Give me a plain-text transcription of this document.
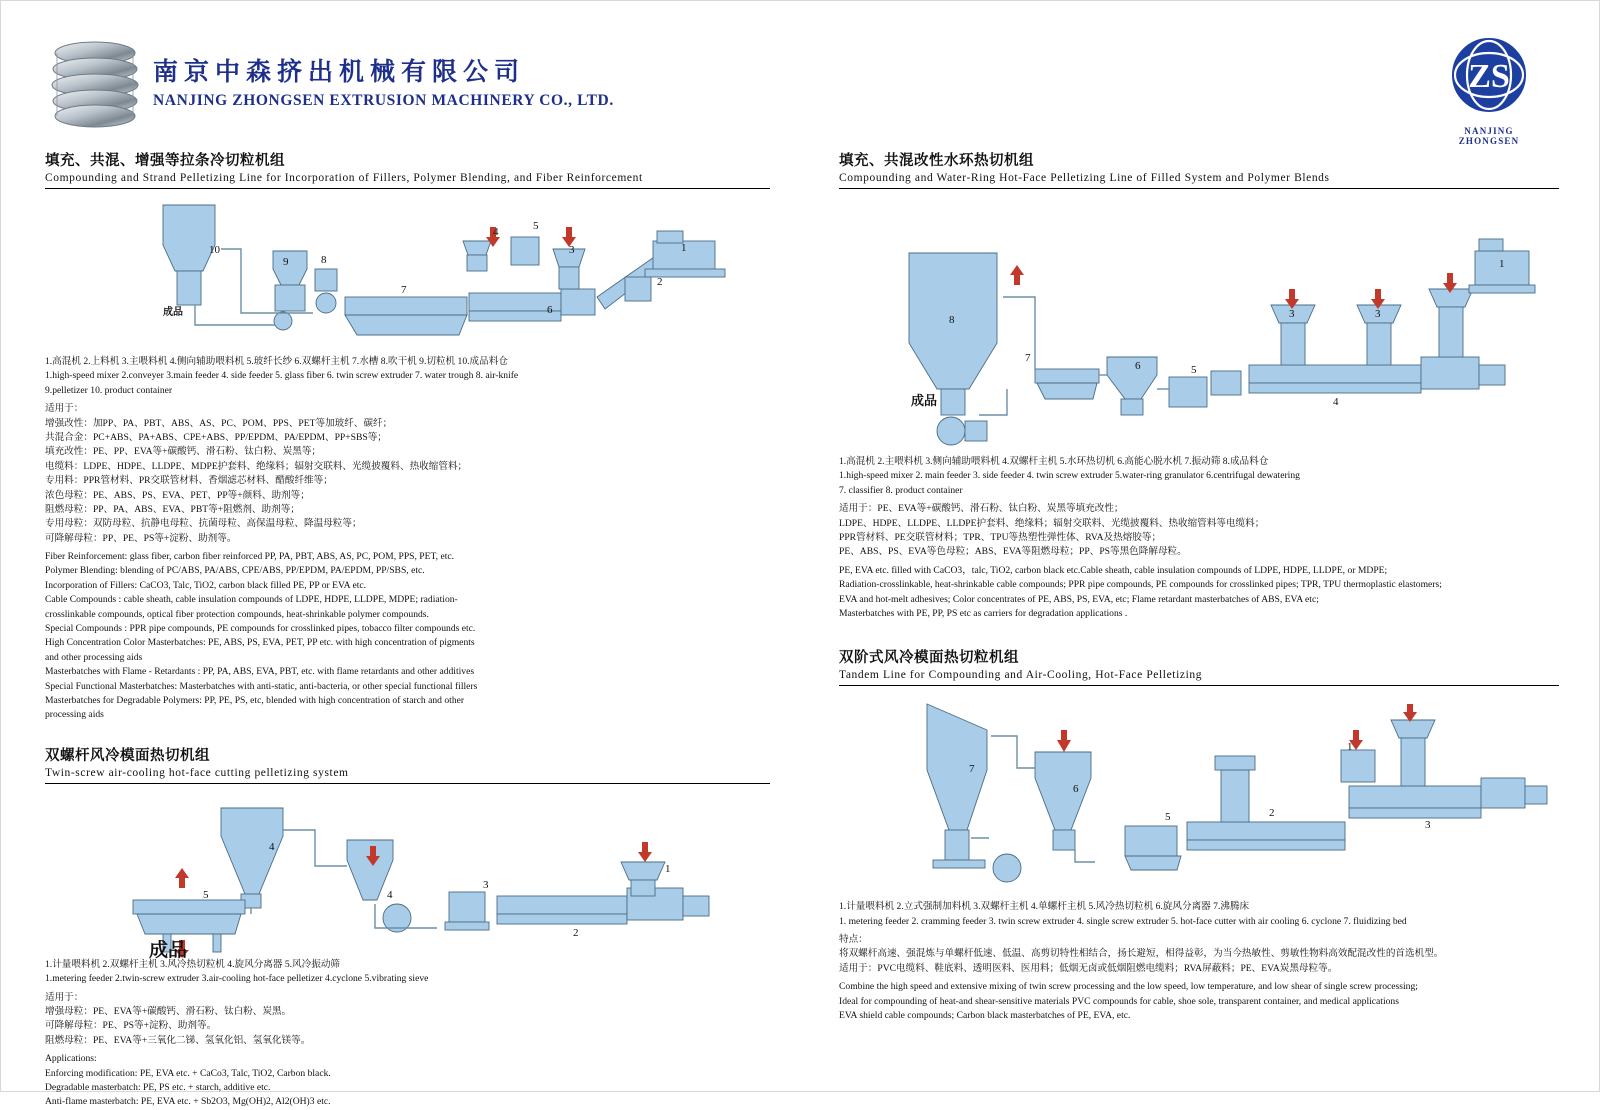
南京中森挤出机械有限公司
NANJING ZHONGSEN EXTRUSION MACHINERY CO., LTD.
ZS
NANJING ZHONGSEN
填充、共混、增强等拉条冷切粒机组
Compounding and Strand Pelletizing Line for Incorporation of Fillers, Polymer Blending, and Fiber Reinforcement
10
9	8
7
4	5
3
6
1
2
成品
1.高混机 2.上料机 3.主喂料机 4.侧向辅助喂料机 5.玻纤长纱 6.双螺杆主机 7.水槽 8.吹干机 9.切粒机 10.成品料仓
1.high-speed mixer 2.conveyer 3.main feeder 4. side feeder 5. glass fiber 6. twin screw extruder 7. water trough 8. air-knife
9.pelletizer 10. product container

适用于：

增强改性：加PP、PA、PBT、ABS、AS、PC、POM、PPS、PET等加玻纤、碳纤；

共混合金：PC+ABS、PA+ABS、CPE+ABS、PP/EPDM、PA/EPDM、PP+SBS等；

填充改性：PE、PP、EVA等+碳酸钙、滑石粉、钛白粉、炭黑等；

电缆料：LDPE、HDPE、LLDPE、MDPE护套料、绝缘料；辐射交联料、光缆披覆料、热收缩管料；

专用料：PPR管材料、PR交联管材料、香烟滤芯材料、醋酸纤维等；

浓色母粒：PE、ABS、PS、EVA、PET、PP等+颜料、助剂等；

阻燃母粒：PP、PA、ABS、EVA、PBT等+阻燃剂、助剂等；

专用母粒：双防母粒、抗静电母粒、抗菌母粒、高保温母粒、降温母粒等；

可降解母粒：PP、PE、PS等+淀粉、助剂等。

Fiber Reinforcement: glass fiber, carbon fiber reinforced PP, PA, PBT, ABS, AS, PC, POM, PPS, PET, etc.

Polymer Blending: blending of PC/ABS, PA/ABS, CPE/ABS, PP/EPDM, PA/EPDM, PP/SBS, etc.

Incorporation of Fillers: CaCO3, Talc, TiO2, carbon black filled PE, PP or EVA etc.

Cable Compounds : cable sheath, cable insulation compounds of LDPE, HDPE, LLDPE, MDPE; radiation-

crosslinkable compounds, optical fiber protection compounds, heat-shrinkable polymer compounds.

Special Compounds : PPR pipe compounds, PE compounds for crosslinked pipes, tobacco filter compounds etc.

High Concentration Color Masterbatches: PE, ABS, PS, EVA, PET, PP etc. with high concentration of pigments

and other processing aids

Masterbatches with Flame - Retardants : PP, PA, ABS, EVA, PBT, etc. with flame retardants and other additives

Special Functional Masterbatches: Masterbatches with anti-static, anti-bacteria, or other special functional fillers

Masterbatches for Degradable Polymers: PP, PE, PS, etc, blended with high concentration of starch and other

processing aids

双螺杆风冷模面热切机组
Twin-screw air-cooling hot-face cutting pelletizing system
4
5	4
3
2
1
成品
1.计量喂料机 2.双螺杆主机 3.风冷热切粒机 4.旋风分离器 5.风冷振动筛
1.metering feeder 2.twin-screw extruder 3.air-cooling hot-face pelletizer 4.cyclone 5.vibrating sieve

适用于：

增强母粒：PE、EVA等+碳酸钙、滑石粉、钛白粉、炭黑。

可降解母粒：PE、PS等+淀粉、助剂等。

阻燃母粒：PE、EVA等+三氧化二锑、氢氧化铝、氢氧化镁等。

Applications:

Enforcing modification: PE, EVA etc. + CaCo3, Talc, TiO2, Carbon black.

Degradable masterbatch: PE, PS etc. + starch, additive etc.

Anti-flame masterbatch: PE, EVA etc. + Sb2O3, Mg(OH)2, Al2(OH)3 etc.

填充、共混改性水环热切机组
Compounding and Water-Ring Hot-Face Pelletizing Line of Filled System and Polymer Blends
8
7
6	5
4
3	3
1
成品
1.高混机 2.主喂料机 3.侧向辅助喂料机 4.双螺杆主机 5.水环热切机 6.高能心脱水机 7.振动筛 8.成品料仓
1.high-speed mixer 2. main feeder 3. side feeder 4. twin screw extruder 5.water-ring granulator 6.centrifugal dewatering
7. classifier 8. product container

适用于：PE、EVA等+碳酸钙、滑石粉、钛白粉、炭黑等填充改性；

LDPE、HDPE、LLDPE、LLDPE护套料、绝缘料；辐射交联料、光缆披覆料、热收缩管料等电缆料；

PPR管材料、PE交联管材料；TPR、TPU等热塑性弹性体、RVA及热熔胶等；

PE、ABS、PS、EVA等色母粒；ABS、EVA等阻燃母粒；PP、PS等黑色降解母粒。

PE, EVA etc. filled with CaCO3，talc, TiO2, carbon black etc.Cable sheath, cable insulation compounds of LDPE, HDPE, LLDPE, or MDPE;

Radiation-crosslinkable, heat-shrinkable cable compounds; PPR pipe compounds, PE compounds for crosslinked pipes; TPR, TPU thermoplastic elastomers;

EVA and hot-melt adhesives; Color concentrates of PE, ABS, PS, EVA, etc; Flame retardant masterbatches of ABS, EVA etc;

Masterbatches with PE, PP, PS etc as carriers for degradation applications .

双阶式风冷模面热切粒机组
Tandem Line for Compounding and Air-Cooling, Hot-Face Pelletizing
7
6
5	2
3
1
1.计量喂料机 2.立式强制加料机 3.双螺杆主机 4.单螺杆主机 5.风冷热切粒机 6.旋风分离器 7.沸腾床
1. metering feeder 2. cramming feeder 3. twin screw extruder 4. single screw extruder 5. hot-face cutter with air cooling 6. cyclone 7. fluidizing bed

特点：

将双螺杆高速、强混炼与单螺杆低速、低温、高剪切特性相结合，扬长避短，相得益彰，为当今热敏性、剪敏性物料高效配混改性的首选机型。

适用于：PVC电缆料、鞋底料、透明医料、医用料；低烟无卤或低烟阻燃电缆料；RVA屏蔽料；PE、EVA炭黑母粒等。

Combine the high speed and extensive mixing of twin screw processing and the low speed, low temperature, and low shear of single screw processing;

Ideal for compounding of heat-and shear-sensitive materials PVC compounds for cable, shoe sole, transparent container, and medical applications

EVA shield cable compounds; Carbon black masterbatches of PE, EVA, etc.
